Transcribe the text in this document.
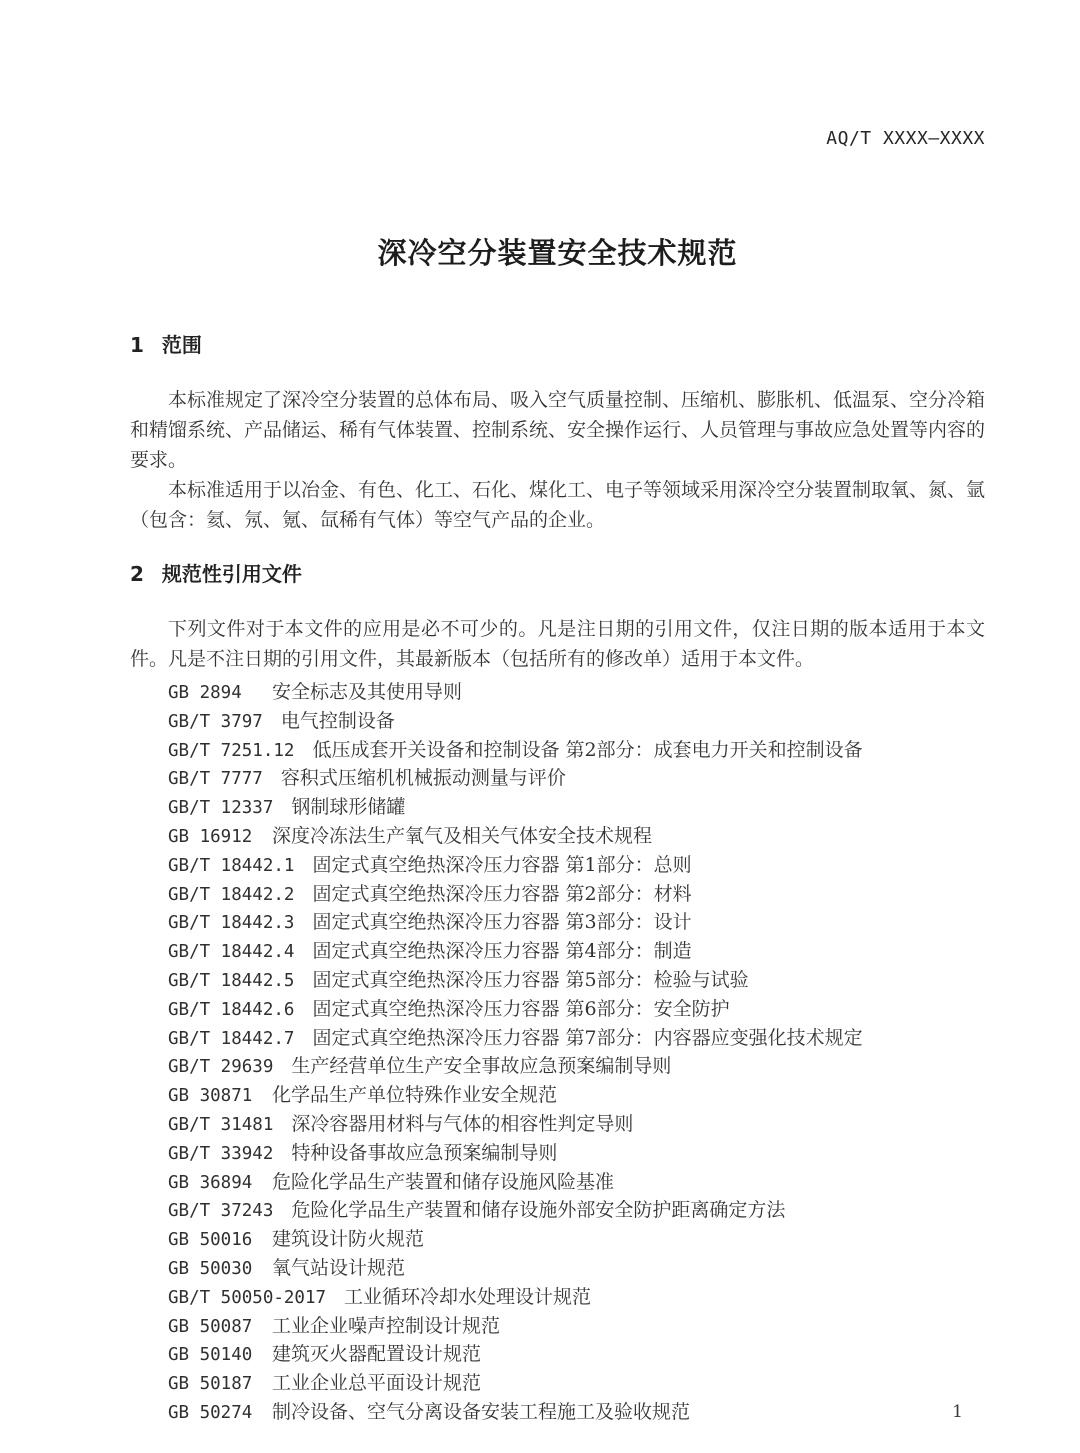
AQ/T XXXX—XXXX
深冷空分装置安全技术规范
1 范围

本标准规定了深冷空分装置的总体布局、吸入空气质量控制、压缩机、膨胀机、低温泵、空分冷箱和精馏系统、产品储运、稀有气体装置、控制系统、安全操作运行、人员管理与事故应急处置等内容的要求。

本标准适用于以冶金、有色、化工、石化、煤化工、电子等领域采用深冷空分装置制取氧、氮、氩（包含：氦、氖、氪、氙稀有气体）等空气产品的企业。

2 规范性引用文件

下列文件对于本文件的应用是必不可少的。凡是注日期的引用文件，仅注日期的版本适用于本文件。凡是不注日期的引用文件，其最新版本（包括所有的修改单）适用于本文件。

GB 2894	安全标志及其使用导则
GB/T 3797 电气控制设备
GB/T 7251.12 低压成套开关设备和控制设备 第2部分：成套电力开关和控制设备
GB/T 7777 容积式压缩机机械振动测量与评价
GB/T 12337 钢制球形储罐
GB 16912 深度冷冻法生产氧气及相关气体安全技术规程
GB/T 18442.1 固定式真空绝热深冷压力容器 第1部分：总则
GB/T 18442.2 固定式真空绝热深冷压力容器 第2部分：材料
GB/T 18442.3 固定式真空绝热深冷压力容器 第3部分：设计
GB/T 18442.4 固定式真空绝热深冷压力容器 第4部分：制造
GB/T 18442.5 固定式真空绝热深冷压力容器 第5部分：检验与试验
GB/T 18442.6 固定式真空绝热深冷压力容器 第6部分：安全防护
GB/T 18442.7 固定式真空绝热深冷压力容器 第7部分：内容器应变强化技术规定
GB/T 29639 生产经营单位生产安全事故应急预案编制导则
GB 30871 化学品生产单位特殊作业安全规范
GB/T 31481 深冷容器用材料与气体的相容性判定导则
GB/T 33942 特种设备事故应急预案编制导则
GB 36894 危险化学品生产装置和储存设施风险基准
GB/T 37243 危险化学品生产装置和储存设施外部安全防护距离确定方法
GB 50016 建筑设计防火规范
GB 50030 氧气站设计规范
GB/T 50050-2017 工业循环冷却水处理设计规范
GB 50087 工业企业噪声控制设计规范
GB 50140 建筑灭火器配置设计规范
GB 50187 工业企业总平面设计规范
GB 50274 制冷设备、空气分离设备安装工程施工及验收规范	1
